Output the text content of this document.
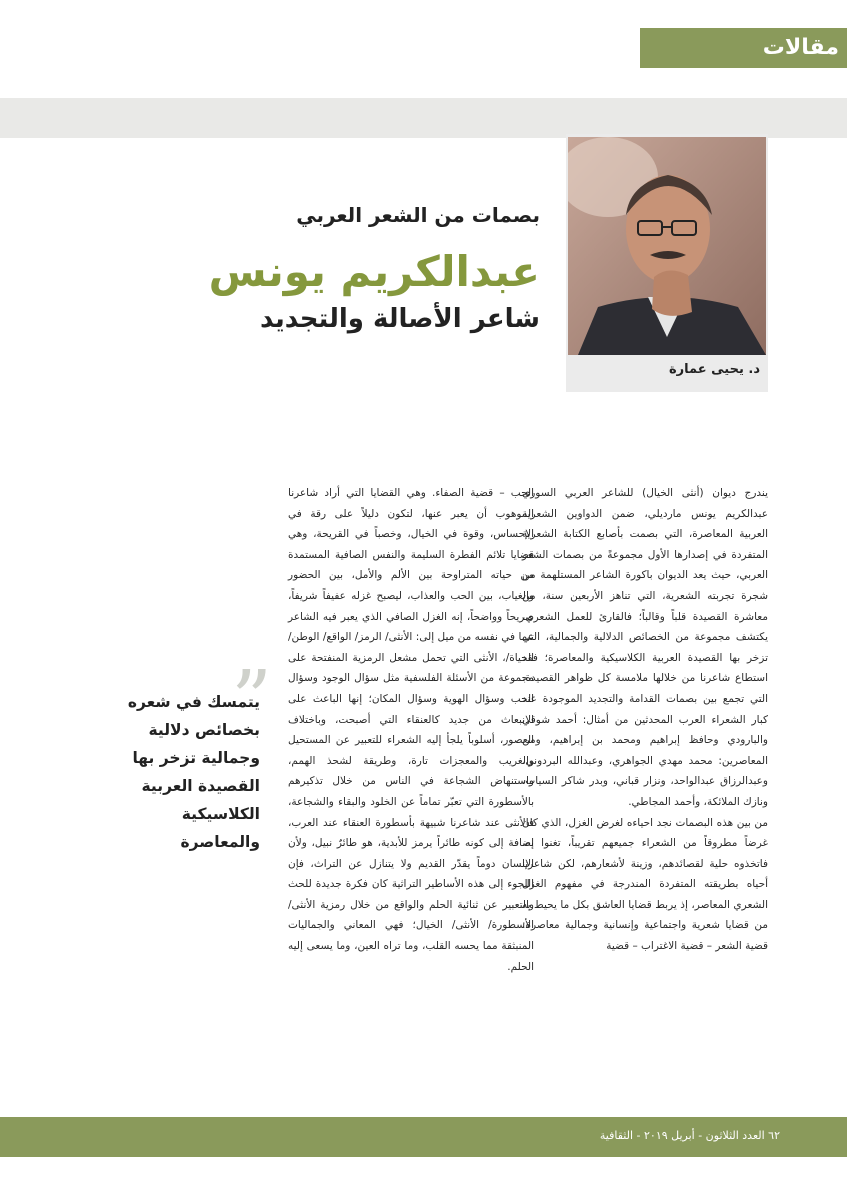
مقالات
د. يحيى عمارة
بصمات من الشعر العربي
عبدالكريم يونس
شاعر الأصالة والتجديد
”
يتمسك في شعره بخصائص دلالية وجمالية تزخر بها القصيدة العربية الكلاسيكية والمعاصرة

يندرج ديوان (أنثى الخيال) للشاعر العربي السوري عبدالكريم يونس مارديلي، ضمن الدواوين الشعرية العربية المعاصرة، التي بصمت بأصابع الكتابة الشعرية المتفردة في إصدارها الأول مجموعةً من بصمات الشعر العربي، حيث يعد الديوان باكورة الشاعر المستلهمة من شجرة تجربته الشعرية، التي تناهز الأربعين سنة، من معاشرة القصيدة قلباً وقالباً؛ فالقارئ للعمل الشعري، يكتشف مجموعة من الخصائص الدلالية والجمالية، التي تزخر بها القصيدة العربية الكلاسيكية والمعاصرة؛ فقد استطاع شاعرنا من خلالها ملامسة كل ظواهر القصيدة، التي تجمع بين بصمات القدامة والتجديد الموجودة عند كبار الشعراء العرب المحدثين من أمثال: أحمد شوقي والبارودي وحافظ إبراهيم ومحمد بن إبراهيم، ومن المعاصرين: محمد مهدي الجواهري، وعبدالله البردوني، وعبدالرزاق عبدالواحد، ونزار قباني، وبدر شاكر السياب، ونازك الملائكة، وأحمد المجاطي.

من بين هذه البصمات نجد احياءه لغرض الغزل، الذي كان غرضاً مطروقاً من الشعراء جميعهم تقريباً، تغنوا به، فاتخذوه حلية لقصائدهم، وزينة لأشعارهم، لكن شاعرنا أحياه بطريقته المتفردة المندرجة في مفهوم الغزل الشعري المعاصر، إذ يربط قضايا العاشق بكل ما يحيط به من قضايا شعرية واجتماعية وإنسانية وجمالية معاصرة: قضية الشعر – قضية الاغتراب – قضية

الحب – قضية الصفاء. وهي القضايا التي أراد شاعرنا الموهوب أن يعبر عنها، لتكون دليلاً على رقة في الإحساس، وقوة في الخيال، وخصباً في القريحة، وهي قضايا تلائم الفطرة السليمة والنفس الصافية المستمدة من حياته المتراوحة بين الألم والأمل، بين الحضور والغياب، بين الحب والعذاب، ليصبح غزله عفيفاً شريفاً، صريحاً وواضحاً، إنه الغزل الصافي الذي يعبر فيه الشاعر عما في نفسه من ميل إلى: الأنثى/ الرمز/ الواقع/ الوطن/ الحياة/، الأنثى التي تحمل مشعل الرمزية المنفتحة على مجموعة من الأسئلة الفلسفية مثل سؤال الوجود وسؤال الحب وسؤال الهوية وسؤال المكان؛ إنها الباعث على الانبعاث من جديد كالعنقاء التي أصبحت، وباختلاف العصور، أسلوباً يلجأ إليه الشعراء للتعبير عن المستحيل والغريب والمعجزات تارة، وطريقة لشحذ الهمم، واستنهاض الشجاعة في الناس من خلال تذكيرهم بالأسطورة التي تعبّر تماماً عن الخلود والبقاء والشجاعة، فالأنثى عند شاعرنا شبيهة بأسطورة العنقاء عند العرب، إضافة إلى كونه طائراً يرمز للأبدية، هو طائرٌ نبيل، ولأن الإنسان دوماً يقدّر القديم ولا يتنازل عن التراث، فإن اللجوء إلى هذه الأساطير التراثية كان فكرة جديدة للحث والتعبير عن ثنائية الحلم والواقع من خلال رمزية الأنثى/ الأسطورة/ الأنثى/ الخيال؛ فهي المعاني والجماليات المنبثقة مما يحسه القلب، وما تراه العين، وما يسعى إليه الحلم.

٦٢ العدد الثلاثون - أبريل ٢٠١٩ - الثقافية
